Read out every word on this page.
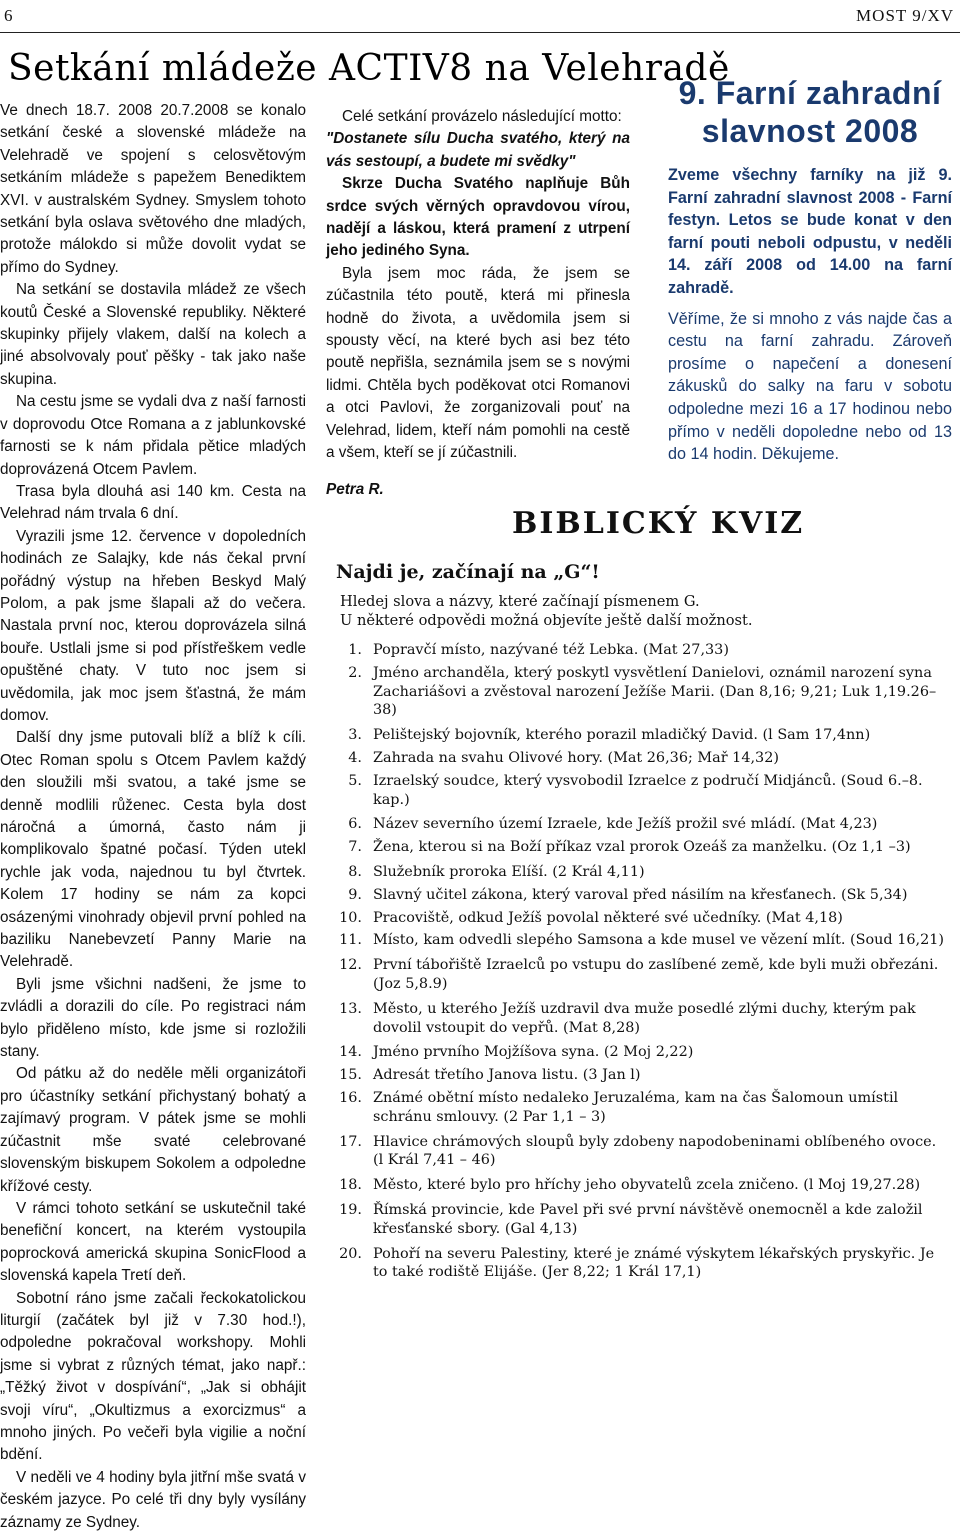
6	MOST 9/XV
Setkání mládeže ACTIV8 na Velehradě

Ve dnech 18.7. 2008 20.7.2008 se konalo setkání české a slovenské mládeže na Velehradě ve spojení s celosvětovým setkáním mládeže s papežem Benediktem XVI. v australském Sydney. Smyslem tohoto setkání byla oslava světového dne mladých, protože málokdo si může dovolit vydat se přímo do Sydney.

Na setkání se dostavila mládež ze všech koutů České a Slovenské republiky. Některé skupinky přijely vlakem, další na kolech a jiné absolvovaly pouť pěšky - tak jako naše skupina.

Na cestu jsme se vydali dva z naší farnosti v doprovodu Otce Romana a z jablunkovské farnosti se k nám přidala pětice mladých doprovázená Otcem Pavlem.

Trasa byla dlouhá asi 140 km. Cesta na Velehrad nám trvala 6 dní.

Vyrazili jsme 12. července v dopoledních hodinách ze Salajky, kde nás čekal první pořádný výstup na hřeben Beskyd Malý Polom, a pak jsme šlapali až do večera. Nastala první noc, kterou doprovázela silná bouře. Ustlali jsme si pod přístřeškem vedle opuštěné chaty. V tuto noc jsem si uvědomila, jak moc jsem šťastná, že mám domov.

Další dny jsme putovali blíž a blíž k cíli. Otec Roman spolu s Otcem Pavlem každý den sloužili mši svatou, a také jsme se denně modlili růženec. Cesta byla dost náročná a úmorná, často nám ji komplikovalo špatné počasí. Týden utekl rychle jak voda, najednou tu byl čtvrtek. Kolem 17 hodiny se nám za kopci osázenými vinohrady objevil první pohled na baziliku Nanebevzetí Panny Marie na Velehradě.

Byli jsme všichni nadšeni, že jsme to zvládli a dorazili do cíle. Po registraci nám bylo přiděleno místo, kde jsme si rozložili stany.

Od pátku až do neděle měli organizátoři pro účastníky setkání přichystaný bohatý a zajímavý program. V pátek jsme se mohli zúčastnit mše svaté celebrované slovenským biskupem Sokolem a odpoledne křížové cesty.

V rámci tohoto setkání se uskutečnil také benefiční koncert, na kterém vystoupila poprocková americká skupina SonicFlood a slovenská kapela Tretí deň.

Sobotní ráno jsme začali řeckokatolickou liturgií (začátek byl již v 7.30 hod.!), odpoledne pokračoval workshopy. Mohli jsme si vybrat z různých témat, jako např.: „Těžký život v dospívání“, „Jak si obhájit svoji víru“, „Okultizmus a exorcizmus“ a mnoho jiných. Po večeři byla vigilie a noční bdění.

V neděli ve 4 hodiny byla jitřní mše svatá v českém jazyce. Po celé tři dny byly vysílány záznamy ze Sydney.

Celé setkání provázelo následující motto:

"Dostanete sílu Ducha svatého, který na vás sestoupí, a budete mi svědky"

Skrze Ducha Svatého naplňuje Bůh srdce svých věrných opravdovou vírou, nadějí a láskou, která pramení z utrpení jeho jediného Syna.

Byla jsem moc ráda, že jsem se zúčastnila této poutě, která mi přinesla hodně do života, a uvědomila jsem si spousty věcí, na které bych asi bez této poutě nepřišla, seznámila jsem se s novými lidmi. Chtěla bych poděkovat otci Romanovi a otci Pavlovi, že zorganizovali pouť na Velehrad, lidem, kteří nám pomohli na cestě a všem, kteří se jí zúčastnili.

Petra R.

9. Farní zahradní slavnost 2008

Zveme všechny farníky na již 9. Farní zahradní slavnost 2008 - Farní festyn. Letos se bude konat v den farní pouti neboli odpustu, v neděli 14. září 2008 od 14.00 na farní zahradě.

Věříme, že si mnoho z vás najde čas a cestu na farní zahradu. Zároveň prosíme o napečení a donesení zákusků do salky na faru v sobotu odpoledne mezi 16 a 17 hodinou nebo přímo v neděli dopoledne nebo od 13 do 14 hodin. Děkujeme.

BIBLICKÝ KVIZ
Najdi je, začínají na „G“!
Hledej slova a názvy, které začínají písmenem G.
U některé odpovědi možná objevíte ještě další možnost.
1. Popravčí místo, nazývané též Lebka. (Mat 27,33)
2. Jméno archanděla, který poskytl vysvětlení Danielovi, oznámil narození syna Zachariášovi a zvěstoval narození Ježíše Marii. (Dan 8,16; 9,21; Luk 1,19.26–38)
3. Pelištejský bojovník, kterého porazil mladičký David. (l Sam 17,4nn)
4. Zahrada na svahu Olivové hory. (Mat 26,36; Mař 14,32)
5. Izraelský soudce, který vysvobodil Izraelce z područí Midjánců. (Soud 6.–8. kap.)
6. Název severního území Izraele, kde Ježíš prožil své mládí. (Mat 4,23)
7. Žena, kterou si na Boží příkaz vzal prorok Ozeáš za manželku. (Oz 1,1 –3)
8. Služebník proroka Elíší. (2 Král 4,11)
9. Slavný učitel zákona, který varoval před násilím na křesťanech. (Sk 5,34)
10. Pracoviště, odkud Ježíš povolal některé své učedníky. (Mat 4,18)
11. Místo, kam odvedli slepého Samsona a kde musel ve vězení mlít. (Soud 16,21)
12. První tábořiště Izraelců po vstupu do zaslíbené země, kde byli muži obřezáni. (Joz 5,8.9)
13. Město, u kterého Ježíš uzdravil dva muže posedlé zlými duchy, kterým pak dovolil vstoupit do vepřů. (Mat 8,28)
14. Jméno prvního Mojžíšova syna. (2 Moj 2,22)
15. Adresát třetího Janova listu. (3 Jan l)
16. Známé obětní místo nedaleko Jeruzaléma, kam na čas Šalomoun umístil schránu smlouvy. (2 Par 1,1 – 3)
17. Hlavice chrámových sloupů byly zdobeny napodobeninami oblíbeného ovoce. (l Král 7,41 – 46)
18. Město, které bylo pro hříchy jeho obyvatelů zcela zničeno. (l Moj 19,27.28)
19. Římská provincie, kde Pavel při své první návštěvě onemocněl a kde založil křesťanské sbory. (Gal 4,13)
20. Pohoří na severu Palestiny, které je známé výskytem lékařských pryskyřic. Je to také rodiště Elijáše. (Jer 8,22; 1 Král 17,1)
